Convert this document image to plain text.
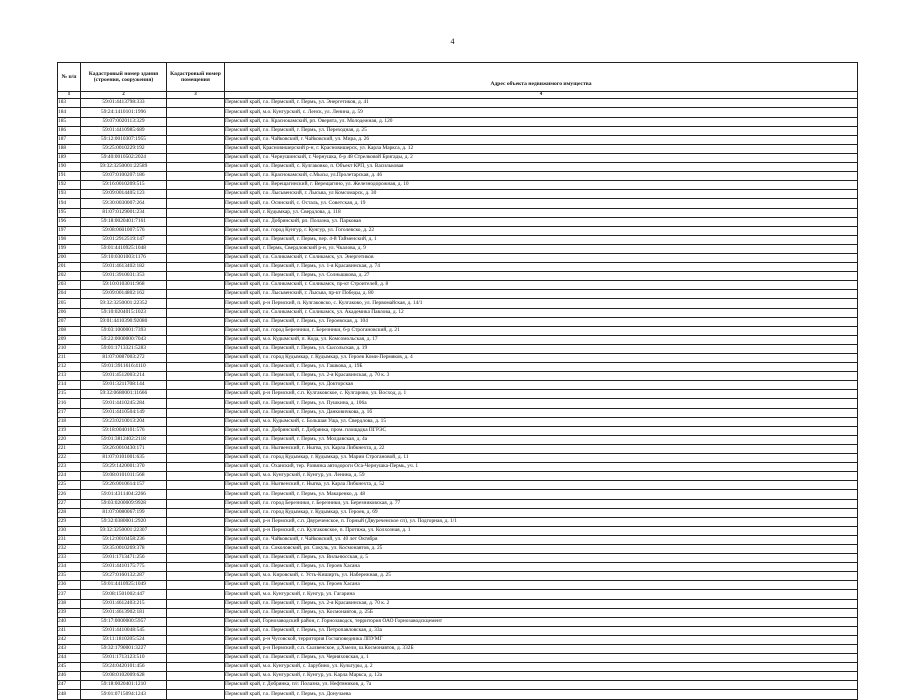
4
№ п/п	Кадастровый номер здания (строения, сооружения)	Кадастровый номер помещения	Адрес объекта недвижимого имущества
1	2	3	4
183	59:01:4413798:333		Пермский край, г.о. Пермский, г. Пермь, ул. Энергетиков, д. 41
184	59:24:1410101:1996		Пермский край, м.о. Кунгурский, с. Ленск, ул. Ленина, д. 59
185	59:07:0020113:329		Пермский край, г.о. Краснокамский, рп. Оверята, ул. Молодежная, д. 120
186	59:01:4410985:689		Пермский край, г.о. Пермский, г. Пермь, ул. Переходная, д. 25
187	59:12:0010307:1955		Пермский край, г.о. Чайковский, г. Чайковский, ул. Мира, д. 26
188	59:25:0010229:192		Пермский край, Красновишерский р-н, г. Красновишерск, ул. Карла Маркса, д. 12
189	59:40:0010502:2024		Пермский край, г.о. Чернушинский, г. Чернушка, б-р 48 Стрелковой Бригады, д. 2
190	59:32:3250001:22589		Пермский край, г.о. Пермский, с. Кулгаковко, п. Объект КРП, ул. Васильковая
191	59:07:0100207:186		Пермский край, г.о. Краснокамский, с.Мысы, ул.Пролетарская, д. 46
192	59:16:0010209:515		Пермский край, г.о. Верещагинский, г. Верещагино, ул. Железнодорожная, д. 10
193	59:09:0014405:123		Пермский край, г.о. Лысьвенский, г. Лысьва, ул Комсомарск, д. 30
194	59:30:0030007:264		Пермский край, г.о. Осинский, с. Осталь, ул. Советская, д. 19
195	81:07:0129001:234		Пермский край, г. Кудымкар, ул. Свердлова, д. 118
196	59:18:0020401:7161		Пермский край, г.о. Добрянский, рп. Полазна, ул. Парковая
197	59:08:0601007:576		Пермский край, г.о. город Кунгур, г. Кунгур, ул. Гоголевско, д. 22
198	59:01:2912519:147		Пермский край, г.о. Пермский, г. Пермь, пер. 4-й Тайменский, д. 1
199	59:01:4410925:1048		Пермский край, г. Пермь, Свердловский р-н, ул. Чкалова, д. 9
200	59:10:0301003:1176		Пермский край, г.о. Соликамский, г. Соликамск, ул. Энергетиков
201	59:01:4613402:182		Пермский край, г.о. Пермский, г. Пермь, ул. 1-я Красавинская, д. 74
202	59:01:3910031:353		Пермский край, г.о. Пермский, г. Пермь, ул. Солнышкова, д. 27
203	59:10:0103011:968		Пермский край, г.о. Соликамский, г. Соликамск, пр-кт Строителей, д. 8
204	59:09:0014802:162		Пермский край, г.о. Лысьвенский, г. Лысьва, пр-кт Победы, д. 80
205	59:32:3250001:22352		Пермский край, р-н Пермский, п. Кулгаковско, с. Кулгаково, ул. Первомайская, д. 14/1
206	59:10:0204015:1023		Пермский край, г.о. Соликамский, г. Соликамск, ул. Академика Павлова, д. 12
207	59:01:4410390:92080		Пермский край, г.о. Пермский, г. Пермь, ул. Героевская, д. 104
208	59:03:1000001:7393		Пермский край, г.о. город Березники, г. Березники, 6-р Строгановский, д. 21
209	59:22:0000000:7043		Пермский край, м.о. Кудымский, п. Кода, ул. Комсомольская, д. 17
210	59:01:1713321:5283		Пермский край, г.о. Пермский, г. Пермь, ул. Сысольская, д. 19
211	81:07:0087003:272		Пермский край, г.о. город Кудымкар, г. Кудымкар, ул. Героев Коми-Пермяков, д. 4
212	59:01:3911616:4110		Пермский край, г.о. Пермский, г. Пермь, ул. Гашкова, д. 19Б
213	59:01:4512003:214		Пермский край, г.о. Пермский, г. Пермь, ул. 2-я Красавинская, д. 70 к. 3
214	59:01:3211708:144		Пермский край, г.о. Пермский, г. Пермь, ул. Докторская
215	59:32:0680001:11666		Пермский край, р-н Пермский, с.п. Кулгаковское, с. Кулгарово, ул. Восход, д. 1
216	59:01:4410245:284		Пермский край, г.о. Пермский, г. Пермь, ул. Пушкина, д. 106а
217	59:01:4410504:149		Пермский край, г.о. Пермский, г. Пермь, ул. Данковичкова, д. 1б
218	59:23:0210013:204		Пермский край, м.о. Кудымский, с. Большая Уща, ул. Свердлова, д. 15
219	59:18:0040101:576		Пермский край, г.о. Добрянский, г. Добрянка, пром. площадка ПГРЭС
220	59:01:3812402:2118		Пермский край, г.о. Пермский, г. Пермь, ул. Молдавская, д. 4а
221	59:26:0010430:171		Пермский край, г.о. Ныгвенский, г. Ныгва, ул. Карла Либкнехта, д. 22
222	81:07:0101001:635		Пермский край, г.о. город Кудымкар, г. Кудымкар, ул. Марии Строгановой, д. 11
223	59:29:1420001:370		Пермский край, г.о. Оханский, тер. Развязка автодороги Оса-Чернушка-Пермь, уч. 1
224	59:08:0101011:568		Пермский край, м.о. Кунгурский, г. Кунгур, ул. Ленина, д. 59
225	59:26:0010614:157		Пермский край, г.о. Ныгвенский, г. Ныгва, ул. Карла Либкнехта, д. 52
226	59:01:4311404:2266		Пермский край, г.о. Пермский, г. Пермь, ул. Макаренко, д. 48
227	59:03:0200009:9928		Пермский край, г.о. город Березники, г. Березники, ул. Березниковская, д. 77
228	81:07:0080067:199		Пермский край, г.о. город Кудымкар, г. Кудымкар, ул. Героев, д. 69
229	59:32:0380001:2920		Пермский край, р-н Пермский, с.п. Двуреченское, п. Горный (Двуреченское сп), ул. Подгорная, д. 1/1
230	59:32:3250001:22307		Пермский край, р-н Пермский, с.п. Кулгаковское, п. Протяжа, ул. Колхозная, д. 1
231	59:12:0010458:236		Пермский край, г.о. Чайковский, г. Чайковский, ул. 40 лет Октября
232	59:35:0010269:378		Пермский край, г.о. Соколовский, рп. Сокуль, ул. Космонавтов, д. 25
233	59:01:1713471:256		Пермский край, г.о. Пермский, г. Пермь, ул. Вильнюсская, д. 5
234	59:01:4410175:775		Пермский край, г.о. Пермский, г. Пермь, ул. Героев Хасана
235	59:27:0160132:287		Пермский край, м.о. Кировский, с. Усть-Киширть, ул. Набережная, д. 25
236	59:01:4410925:1049		Пермский край, г.о. Пермский, г. Пермь, ул. Героев Хасана
237	59:08:1501002:447		Пермский край, м.о. Кунгурский, г. Кунгур, ул. Гагарина
238	59:01:4612403:215		Пермский край, г.о. Пермский, г. Пермь, ул. 2-я Красавинская, д. 70 к. 2
239	59:01:4613902:181		Пермский край, г.о. Пермский, г. Пермь, ул. Космонавтов, д. 25Б
240	59:17:0000000:5957		Пермский край, Горнозаводский район, г. Горнозаводск, территория ОАО Горнозаводскцемент
241	59:01:4410048:545		Пермский край, г.о. Пермский, г. Пермь, ул. Петропавловская, д. 33а
242	59:11:1810205:524		Пермский край, р-н Чусовской, территория Госзаповедника ЛПУМГ
243	59:32:1790001:3227		Пермский край, р-н Пермский, с.п. Сылвенское, д.Хмели, ш.Космонавтов, д. 332Б
244	59:01:1713123:510		Пермский край, г.о. Пермский, г. Пермь, ул. Черняховская, д. 1
245	59:24:0420101:456		Пермский край, м.о. Кунгурский, с. Зарубино, ул. Культуры, д. 2
246	59:08:0102009:628		Пермский край, м.о. Кунгурский, г. Кунгур, ул. Карла Маркса, д. 12а
247	59:18:0020401:1210		Пермский край, г. Добрянка, п/г. Полазна, ул. Нефтяников, д. 7а
248	59:01:0715094:1243		Пермский край, г.о. Пермский, г. Пермь, ул. Донучаева
